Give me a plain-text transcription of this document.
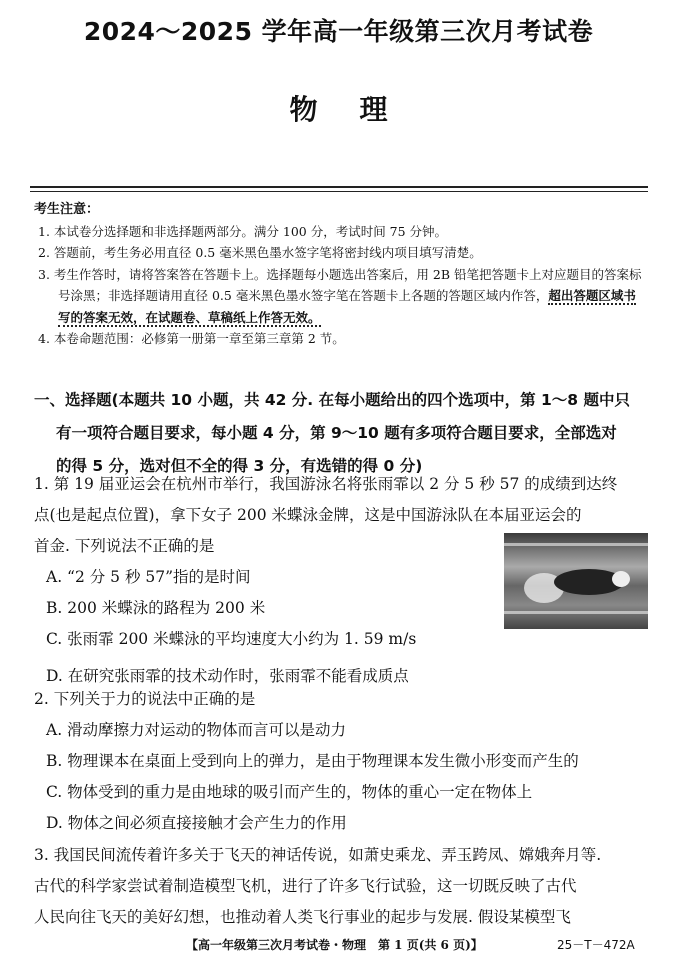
2024～2025 学年高一年级第三次月考试卷
物理
考生注意：
1. 本试卷分选择题和非选择题两部分。满分 100 分，考试时间 75 分钟。
2. 答题前，考生务必用直径 0.5 毫米黑色墨水签字笔将密封线内项目填写清楚。
3. 考生作答时，请将答案答在答题卡上。选择题每小题选出答案后，用 2B 铅笔把答题卡上对应题目的答案标号涂黑；非选择题请用直径 0.5 毫米黑色墨水签字笔在答题卡上各题的答题区域内作答，超出答题区域书写的答案无效，在试题卷、草稿纸上作答无效。
4. 本卷命题范围：必修第一册第一章至第三章第 2 节。
一、选择题(本题共 10 小题，共 42 分. 在每小题给出的四个选项中，第 1～8 题中只
有一项符合题目要求，每小题 4 分，第 9～10 题有多项符合题目要求，全部选对
的得 5 分，选对但不全的得 3 分，有选错的得 0 分)
1. 第 19 届亚运会在杭州市举行，我国游泳名将张雨霏以 2 分 5 秒 57 的成绩到达终
点(也是起点位置)，拿下女子 200 米蝶泳金牌，这是中国游泳队在本届亚运会的
首金. 下列说法不正确的是
A. “2 分 5 秒 57”指的是时间
B. 200 米蝶泳的路程为 200 米
C. 张雨霏 200 米蝶泳的平均速度大小约为 1. 59 m/s
D. 在研究张雨霏的技术动作时，张雨霏不能看成质点
2. 下列关于力的说法中正确的是
A. 滑动摩擦力对运动的物体而言可以是动力
B. 物理课本在桌面上受到向上的弹力，是由于物理课本发生微小形变而产生的
C. 物体受到的重力是由地球的吸引而产生的，物体的重心一定在物体上
D. 物体之间必须直接接触才会产生力的作用
3. 我国民间流传着许多关于飞天的神话传说，如萧史乘龙、弄玉跨凤、嫦娥奔月等.
古代的科学家尝试着制造模型飞机，进行了许多飞行试验，这一切既反映了古代
人民向往飞天的美好幻想，也推动着人类飞行事业的起步与发展. 假设某模型飞
【高一年级第三次月考试卷・物理　第 1 页(共 6 页)】	25－T－472A
